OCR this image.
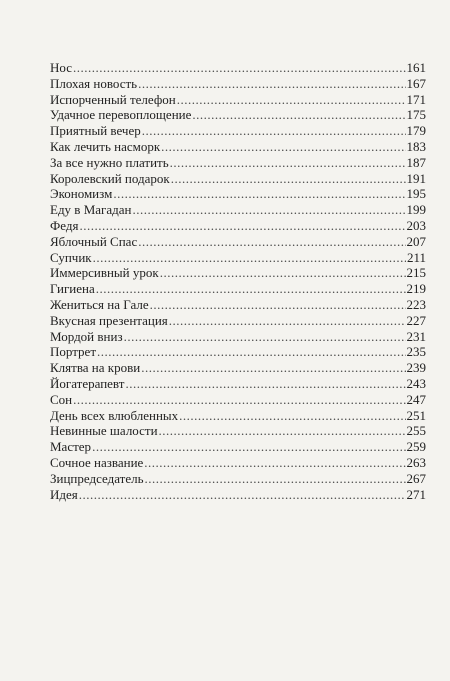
Нос .....	161
Плохая новость .....	167
Испорченный телефон .....	171
Удачное перевоплощение .....	175
Приятный вечер .....	179
Как лечить насморк .....	183
За все нужно платить .....	187
Королевский подарок .....	191
Экономизм .....	195
Еду в Магадан .....	199
Федя .....	203
Яблочный Спас .....	207
Супчик .....	211
Иммерсивный урок .....	215
Гигиена .....	219
Жениться на Гале .....	223
Вкусная презентация .....	227
Мордой вниз .....	231
Портрет .....	235
Клятва на крови .....	239
Йогатерапевт .....	243
Сон .....	247
День всех влюбленных .....	251
Невинные шалости .....	255
Мастер .....	259
Сочное название .....	263
Зицпредседатель .....	267
Идея .....	271
